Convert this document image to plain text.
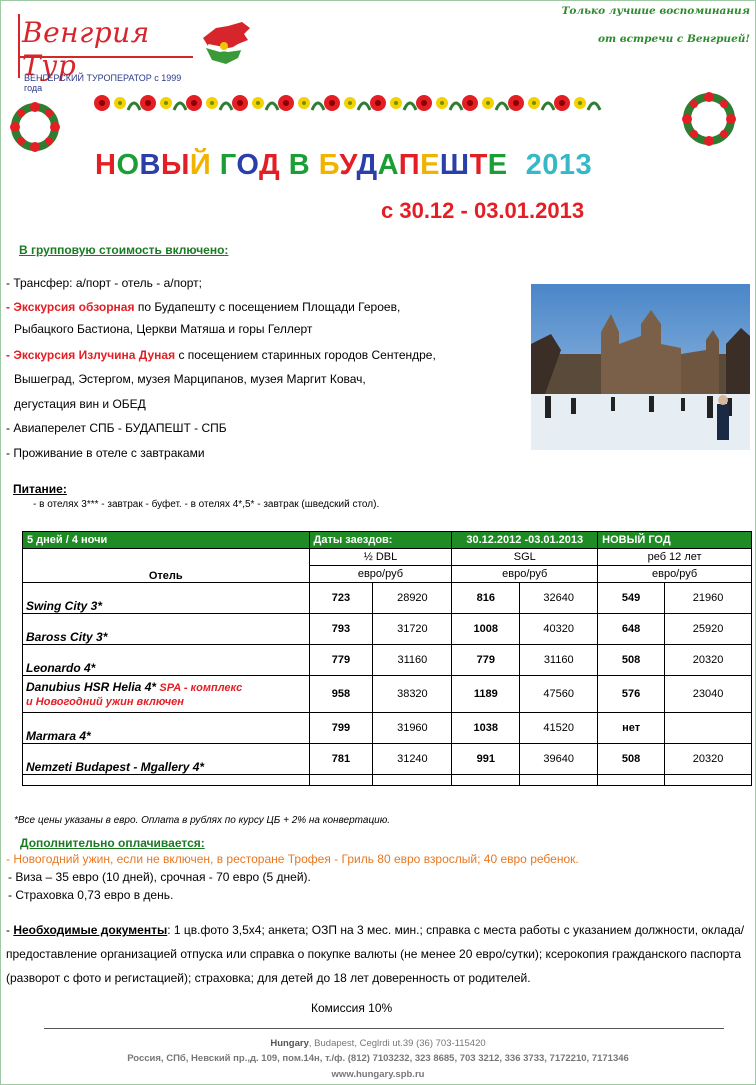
Венгрия Тур
ВЕНГЕРСКИЙ ТУРОПЕРАТОР с 1999 года
Только лучшие воспоминания
от встречи с Венгрией!
НОВЫЙ ГОД В БУДАПЕШТЕ 2013
с 30.12 - 03.01.2013
В групповую стоимость включено:
- Трансфер: а/порт - отель - а/порт;
- Экскурсия обзорная по Будапешту с посещением Площади Героев,
Рыбацкого Бастиона, Церкви Матяша и горы Геллерт
- Экскурсия Излучина Дуная с посещением старинных городов Сентендре,
Вышеград, Эстергом, музея Марципанов, музея Маргит Ковач,
дегустация вин и ОБЕД
- Авиаперелет СПБ - БУДАПЕШТ - СПБ
- Проживание в отеле с завтраками
Питание:
- в отелях 3*** - завтрак - буфет. - в отелях 4*,5* - завтрак (шведский стол).
5 дней / 4 ночи	Даты заездов:		30.12.2012 -03.01.2013		НОВЫЙ ГОД	
Отель	½ DBL		SGL		реб 12 лет	
	евро/руб		евро/руб		евро/руб	
Swing City 3*	723	28920	816	32640	549	21960
Baross City 3*	793	31720	1008	40320	648	25920
Leonardo 4*	779	31160	779	31160	508	20320
Danubius HSR Helia 4* SPA - комплекс
и Новогодний ужин включен	958	38320	1189	47560	576	23040
Marmara 4*	799	31960	1038	41520	нет	
Nemzeti Budapest - Mgallery 4*	781	31240	991	39640	508	20320

*Все цены указаны в евро. Оплата в рублях по курсу ЦБ + 2% на конвертацию.
Дополнительно оплачивается:
- Новогодний ужин, если не включен, в ресторане Трофея - Гриль 80 евро взрослый; 40 евро ребенок.
- Виза – 35 евро (10 дней), срочная - 70 евро (5 дней).
- Страховка 0,73 евро в день.
- Необходимые документы: 1 цв.фото 3,5х4; анкета; ОЗП на 3 мес. мин.; справка с места работы с указанием должности, оклада/предоставление организацией отпуска или справка о покупке валюты (не менее 20 евро/сутки); ксерокопия гражданского паспорта (разворот с фото и регистацией); страховка; для детей до 18 лет доверенность от родителей.
Комиссия 10%
Hungary, Budapest, Ceglrdi ut.39 (36) 703-115420
Россия, СПб, Невский пр.,д. 109, пом.14н, т./ф. (812) 7103232, 323 8685, 703 3212, 336 3733, 7172210, 7171346
www.hungary.spb.ru
